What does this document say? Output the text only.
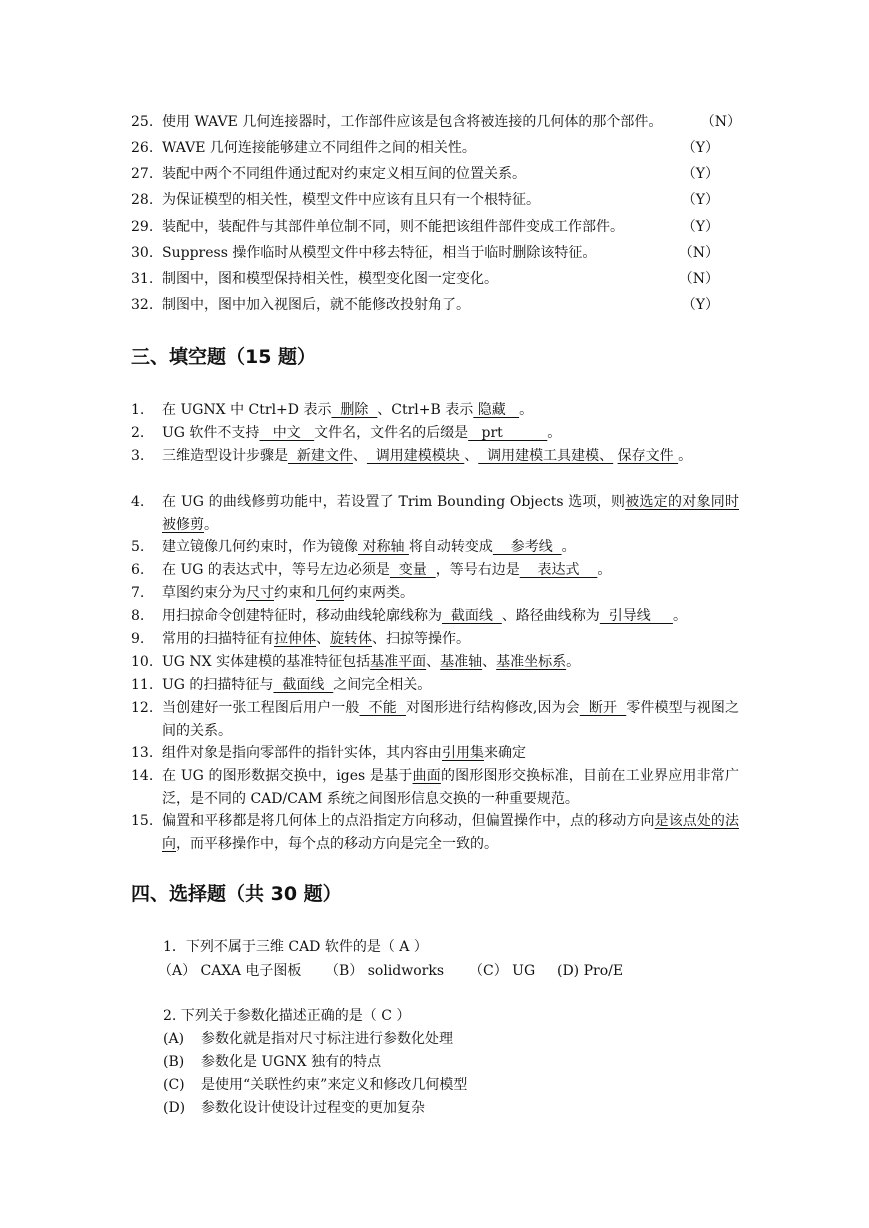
25. 使用 WAVE 几何连接器时，工作部件应该是包含将被连接的几何体的那个部件。	（N）
26. WAVE 几何连接能够建立不同组件之间的相关性。	（Y）
27. 装配中两个不同组件通过配对约束定义相互间的位置关系。	（Y）
28. 为保证模型的相关性，模型文件中应该有且只有一个根特征。	（Y）
29. 装配中，装配件与其部件单位制不同，则不能把该组件部件变成工作部件。	（Y）
30. Suppress 操作临时从模型文件中移去特征，相当于临时删除该特征。	（N）
31. 制图中，图和模型保持相关性，模型变化图一定变化。	（N）
32. 制图中，图中加入视图后，就不能修改投射角了。	（Y）
三、填空题（15 题）
1. 在 UGNX 中 Ctrl+D 表示  删除  、Ctrl+B 表示 隐藏   。
2. UG 软件不支持   中文   文件名，文件名的后缀是   prt          。
3. 三维造型设计步骤是  新建文件、  调用建模模块 、  调用建模工具建模、 保存文件 。
4. 在 UG 的曲线修剪功能中，若设置了 Trim Bounding Objects 选项，则被选定的对象同时被修剪。
5. 建立镜像几何约束时，作为镜像 对称轴 将自动转变成    参考线  。
6. 在 UG 的表达式中，等号左边必须是  变量  ，等号右边是    表达式    。
7. 草图约束分为尺寸约束和几何约束两类。
8. 用扫掠命令创建特征时，移动曲线轮廓线称为  截面线  、路径曲线称为  引导线     。
9. 常用的扫描特征有拉伸体、旋转体、扫掠等操作。
10. UG NX 实体建模的基准特征包括基准平面、基准轴、基准坐标系。
11. UG 的扫描特征与  截面线  之间完全相关。
12. 当创建好一张工程图后用户一般  不能  对图形进行结构修改,因为会  断开  零件模型与视图之间的关系。
13. 组件对象是指向零部件的指针实体，其内容由引用集来确定
14. 在 UG 的图形数据交换中，iges 是基于曲面的图形图形交换标准，目前在工业界应用非常广泛，是不同的 CAD/CAM 系统之间图形信息交换的一种重要规范。
15. 偏置和平移都是将几何体上的点沿指定方向移动，但偏置操作中，点的移动方向是该点处的法向，而平移操作中，每个点的移动方向是完全一致的。
四、选择题（共 30 题）
1．下列不属于三维 CAD 软件的是（ A ）
（A） CAXA 电子图板 （B） solidworks （C） UG (D) Pro/E
2. 下列关于参数化描述正确的是（ C ）
(A) 参数化就是指对尺寸标注进行参数化处理
(B) 参数化是 UGNX 独有的特点
(C) 是使用“关联性约束”来定义和修改几何模型
(D) 参数化设计使设计过程变的更加复杂
